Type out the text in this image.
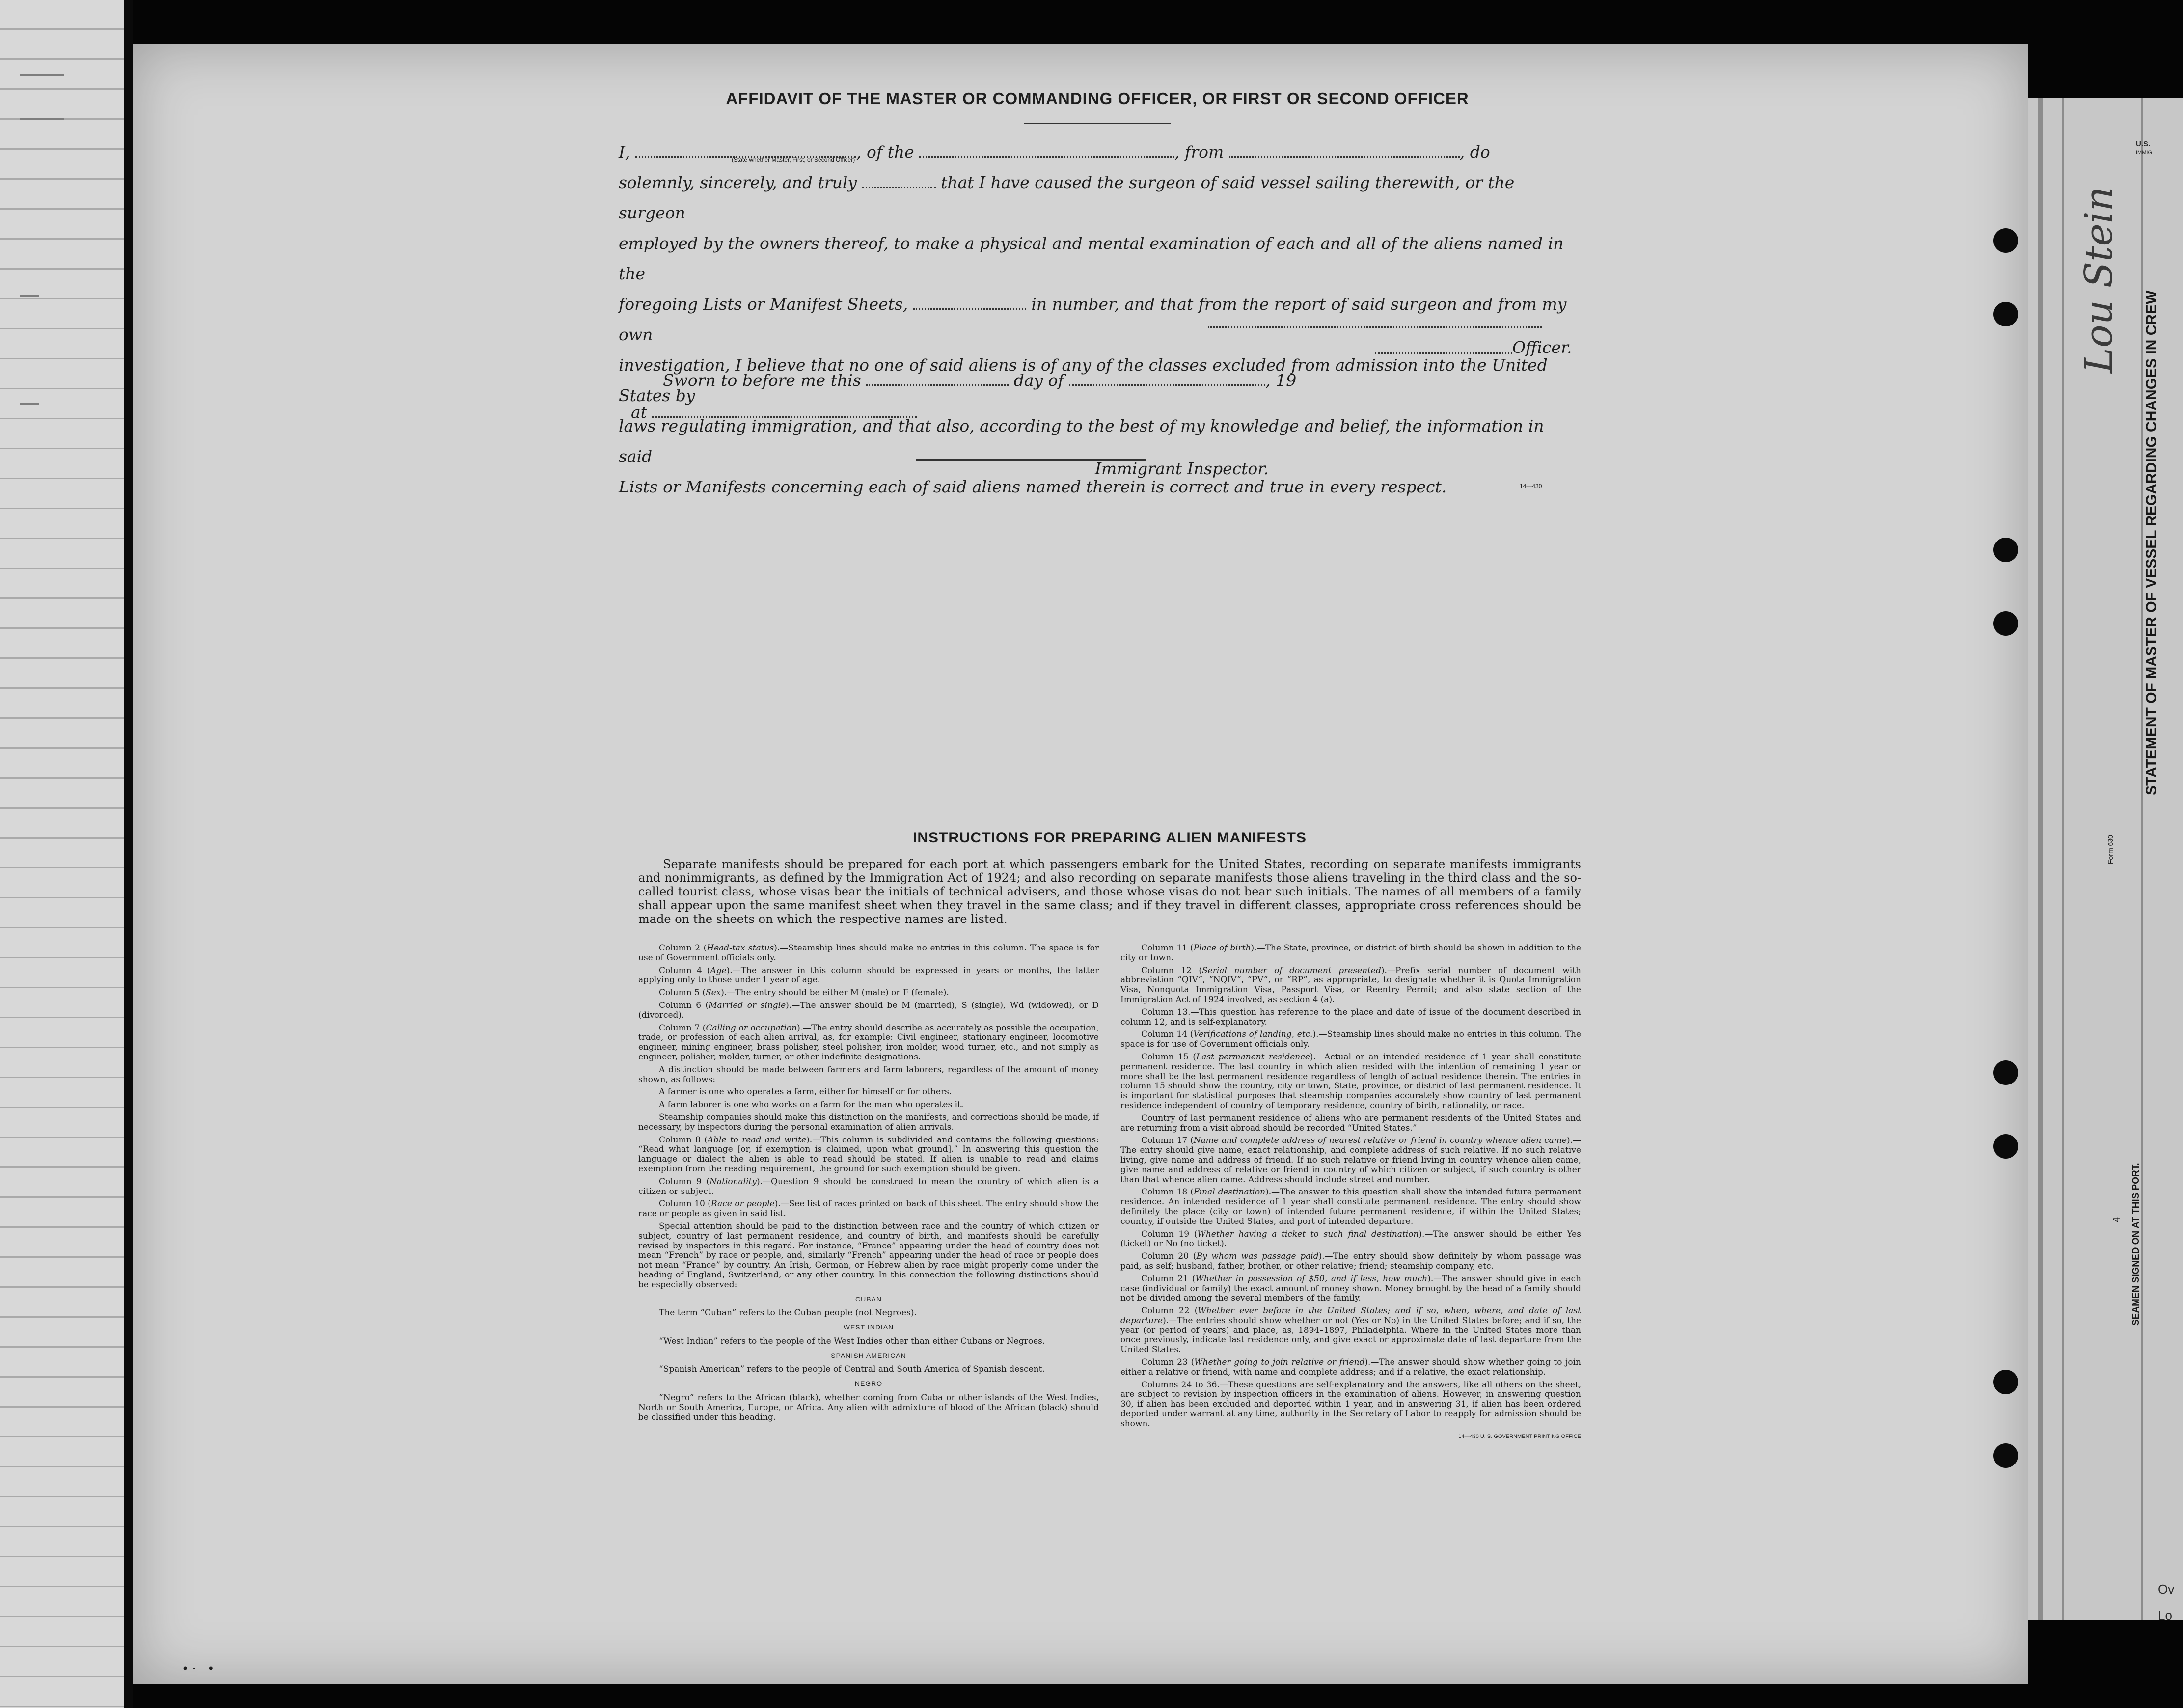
AFFIDAVIT OF THE MASTER OR COMMANDING OFFICER, OR FIRST OR SECOND OFFICER

I,	, of the	, from	, do

solemnly, sincerely, and truly	that I have caused the surgeon of said vessel sailing therewith, or the surgeon

employed by the owners thereof, to make a physical and mental examination of each and all of the aliens named in the

foregoing Lists or Manifest Sheets,	in number, and that from the report of said surgeon and from my own

investigation, I believe that no one of said aliens is of any of the classes excluded from admission into the United States by

laws regulating immigration, and that also, according to the best of my knowledge and belief, the information in said

Lists or Manifests concerning each of said aliens named therein is correct and true in every respect.

(State whether Master, First, or Second Officer)
Officer.
Sworn to before me this	day of	, 19
at
Immigrant Inspector.
14—430
INSTRUCTIONS FOR PREPARING ALIEN MANIFESTS

Separate manifests should be prepared for each port at which passengers embark for the United States, recording on separate manifests immigrants and nonimmigrants, as defined by the Immigration Act of 1924; and also recording on separate manifests those aliens traveling in the third class and the so-called tourist class, whose visas bear the initials of technical advisers, and those whose visas do not bear such initials. The names of all members of a family shall appear upon the same manifest sheet when they travel in the same class; and if they travel in different classes, appropriate cross references should be made on the sheets on which the respective names are listed.

Column 2 (Head-tax status).—Steamship lines should make no entries in this column. The space is for use of Government officials only.

Column 4 (Age).—The answer in this column should be expressed in years or months, the latter applying only to those under 1 year of age.

Column 5 (Sex).—The entry should be either M (male) or F (female).

Column 6 (Married or single).—The answer should be M (married), S (single), Wd (widowed), or D (divorced).

Column 7 (Calling or occupation).—The entry should describe as accurately as possible the occupation, trade, or profession of each alien arrival, as, for example: Civil engineer, stationary engineer, locomotive engineer, mining engineer, brass polisher, steel polisher, iron molder, wood turner, etc., and not simply as engineer, polisher, molder, turner, or other indefinite designations.

A distinction should be made between farmers and farm laborers, regardless of the amount of money shown, as follows:

A farmer is one who operates a farm, either for himself or for others.

A farm laborer is one who works on a farm for the man who operates it.

Steamship companies should make this distinction on the manifests, and corrections should be made, if necessary, by inspectors during the personal examination of alien arrivals.

Column 8 (Able to read and write).—This column is subdivided and contains the following questions: “Read what language [or, if exemption is claimed, upon what ground].” In answering this question the language or dialect the alien is able to read should be stated. If alien is unable to read and claims exemption from the reading requirement, the ground for such exemption should be given.

Column 9 (Nationality).—Question 9 should be construed to mean the country of which alien is a citizen or subject.

Column 10 (Race or people).—See list of races printed on back of this sheet. The entry should show the race or people as given in said list.

Special attention should be paid to the distinction between race and the country of which citizen or subject, country of last permanent residence, and country of birth, and manifests should be carefully revised by inspectors in this regard. For instance, “France” appearing under the head of country does not mean “French” by race or people, and, similarly “French” appearing under the head of race or people does not mean “France” by country. An Irish, German, or Hebrew alien by race might properly come under the heading of England, Switzerland, or any other country. In this connection the following distinctions should be especially observed:

CUBAN

The term “Cuban” refers to the Cuban people (not Negroes).

WEST INDIAN

“West Indian” refers to the people of the West Indies other than either Cubans or Negroes.

SPANISH AMERICAN

“Spanish American” refers to the people of Central and South America of Spanish descent.

NEGRO

“Negro” refers to the African (black), whether coming from Cuba or other islands of the West Indies, North or South America, Europe, or Africa. Any alien with admixture of blood of the African (black) should be classified under this heading.

Column 11 (Place of birth).—The State, province, or district of birth should be shown in addition to the city or town.

Column 12 (Serial number of document presented).—Prefix serial number of document with abbreviation “QIV”, “NQIV”, “PV”, or “RP”, as appropriate, to designate whether it is Quota Immigration Visa, Nonquota Immigration Visa, Passport Visa, or Reentry Permit; and also state section of the Immigration Act of 1924 involved, as section 4 (a).

Column 13.—This question has reference to the place and date of issue of the document described in column 12, and is self-explanatory.

Column 14 (Verifications of landing, etc.).—Steamship lines should make no entries in this column. The space is for use of Government officials only.

Column 15 (Last permanent residence).—Actual or an intended residence of 1 year shall constitute permanent residence. The last country in which alien resided with the intention of remaining 1 year or more shall be the last permanent residence regardless of length of actual residence therein. The entries in column 15 should show the country, city or town, State, province, or district of last permanent residence. It is important for statistical purposes that steamship companies accurately show country of last permanent residence independent of country of temporary residence, country of birth, nationality, or race.

Country of last permanent residence of aliens who are permanent residents of the United States and are returning from a visit abroad should be recorded “United States.”

Column 17 (Name and complete address of nearest relative or friend in country whence alien came).—The entry should give name, exact relationship, and complete address of such relative. If no such relative living, give name and address of friend. If no such relative or friend living in country whence alien came, give name and address of relative or friend in country of which citizen or subject, if such country is other than that whence alien came. Address should include street and number.

Column 18 (Final destination).—The answer to this question shall show the intended future permanent residence. An intended residence of 1 year shall constitute permanent residence. The entry should show definitely the place (city or town) of intended future permanent residence, if within the United States; country, if outside the United States, and port of intended departure.

Column 19 (Whether having a ticket to such final destination).—The answer should be either Yes (ticket) or No (no ticket).

Column 20 (By whom was passage paid).—The entry should show definitely by whom passage was paid, as self; husband, father, brother, or other relative; friend; steamship company, etc.

Column 21 (Whether in possession of $50, and if less, how much).—The answer should give in each case (individual or family) the exact amount of money shown. Money brought by the head of a family should not be divided among the several members of the family.

Column 22 (Whether ever before in the United States; and if so, when, where, and date of last departure).—The entries should show whether or not (Yes or No) in the United States before; and if so, the year (or period of years) and place, as, 1894–1897, Philadelphia. Where in the United States more than once previously, indicate last residence only, and give exact or approximate date of last departure from the United States.

Column 23 (Whether going to join relative or friend).—The answer should show whether going to join either a relative or friend, with name and complete address; and if a relative, the exact relationship.

Columns 24 to 36.—These questions are self-explanatory and the answers, like all others on the sheet, are subject to revision by inspection officers in the examination of aliens. However, in answering question 30, if alien has been excluded and deported within 1 year, and in answering 31, if alien has been ordered deported under warrant at any time, authority in the Secretary of Labor to reapply for admission should be shown.

14—430 U. S. GOVERNMENT PRINTING OFFICE
STATEMENT OF MASTER OF VESSEL REGARDING CHANGES IN CREW
Form 630
SEAMEN SIGNED ON AT THIS PORT.
4
Lou Stein
U.S.
IMMIG
Ov
Lo
• ·   •
